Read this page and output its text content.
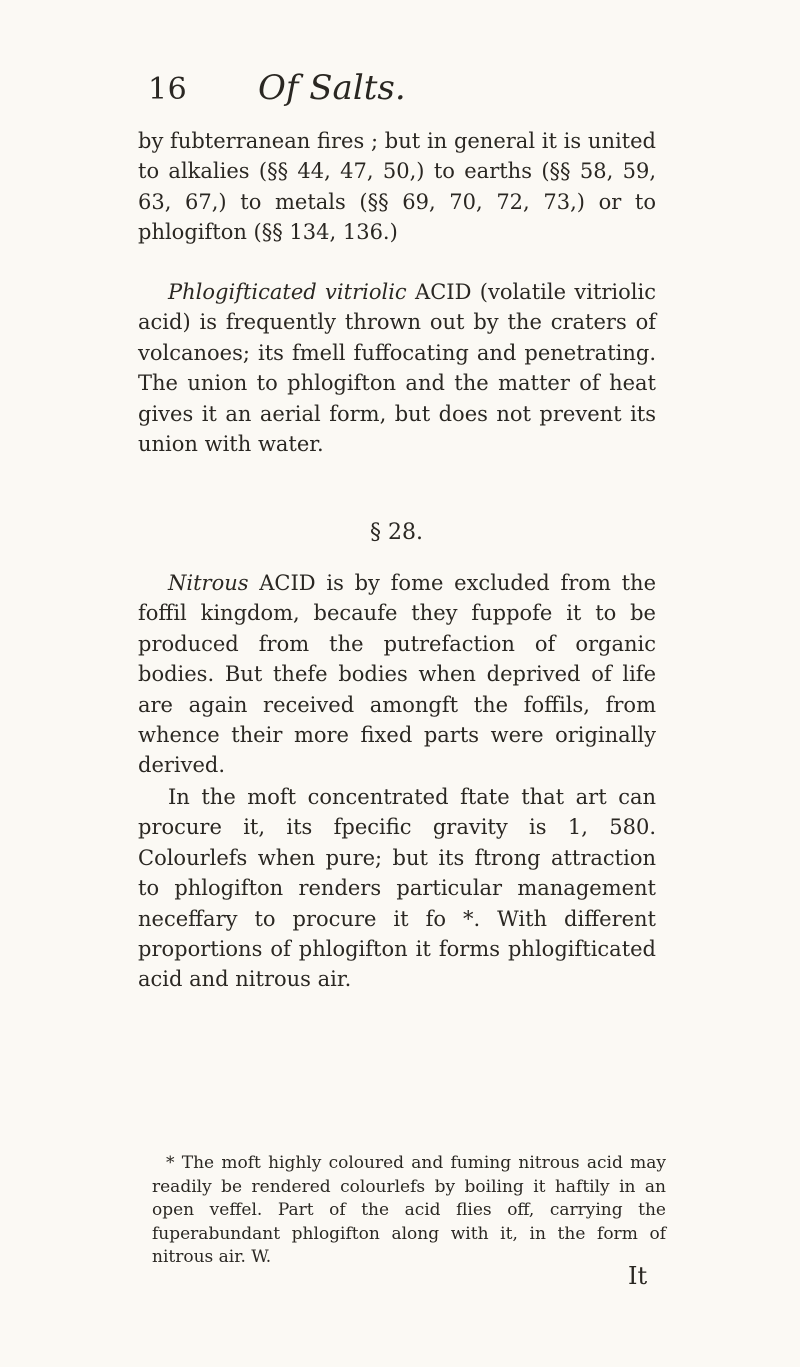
16 Of Salts.
by fubterranean fires ; but in general it is united to alkalies (§§ 44, 47, 50,) to earths (§§ 58, 59, 63, 67,) to metals (§§ 69, 70, 72, 73,) or to phlogifton (§§ 134, 136.)
Phlogifticated vitriolic ACID (volatile vitriolic acid) is frequently thrown out by the craters of volcanoes; its fmell fuffocating and penetrating. The union to phlogifton and the matter of heat gives it an aerial form, but does not prevent its union with water.
§ 28.
Nitrous ACID is by fome excluded from the foffil kingdom, becaufe they fuppofe it to be produced from the putrefaction of organic bodies. But thefe bodies when deprived of life are again received amongft the foffils, from whence their more fixed parts were originally derived.
In the moft concentrated ftate that art can procure it, its fpecific gravity is 1, 580. Colourlefs when pure; but its ftrong attraction to phlogifton renders particular management neceffary to procure it fo *. With different proportions of phlogifton it forms phlogifticated acid and nitrous air.
* The moft highly coloured and fuming nitrous acid may readily be rendered colourlefs by boiling it haftily in an open veffel. Part of the acid flies off, carrying the fuperabundant phlogifton along with it, in the form of nitrous air. W.
It
